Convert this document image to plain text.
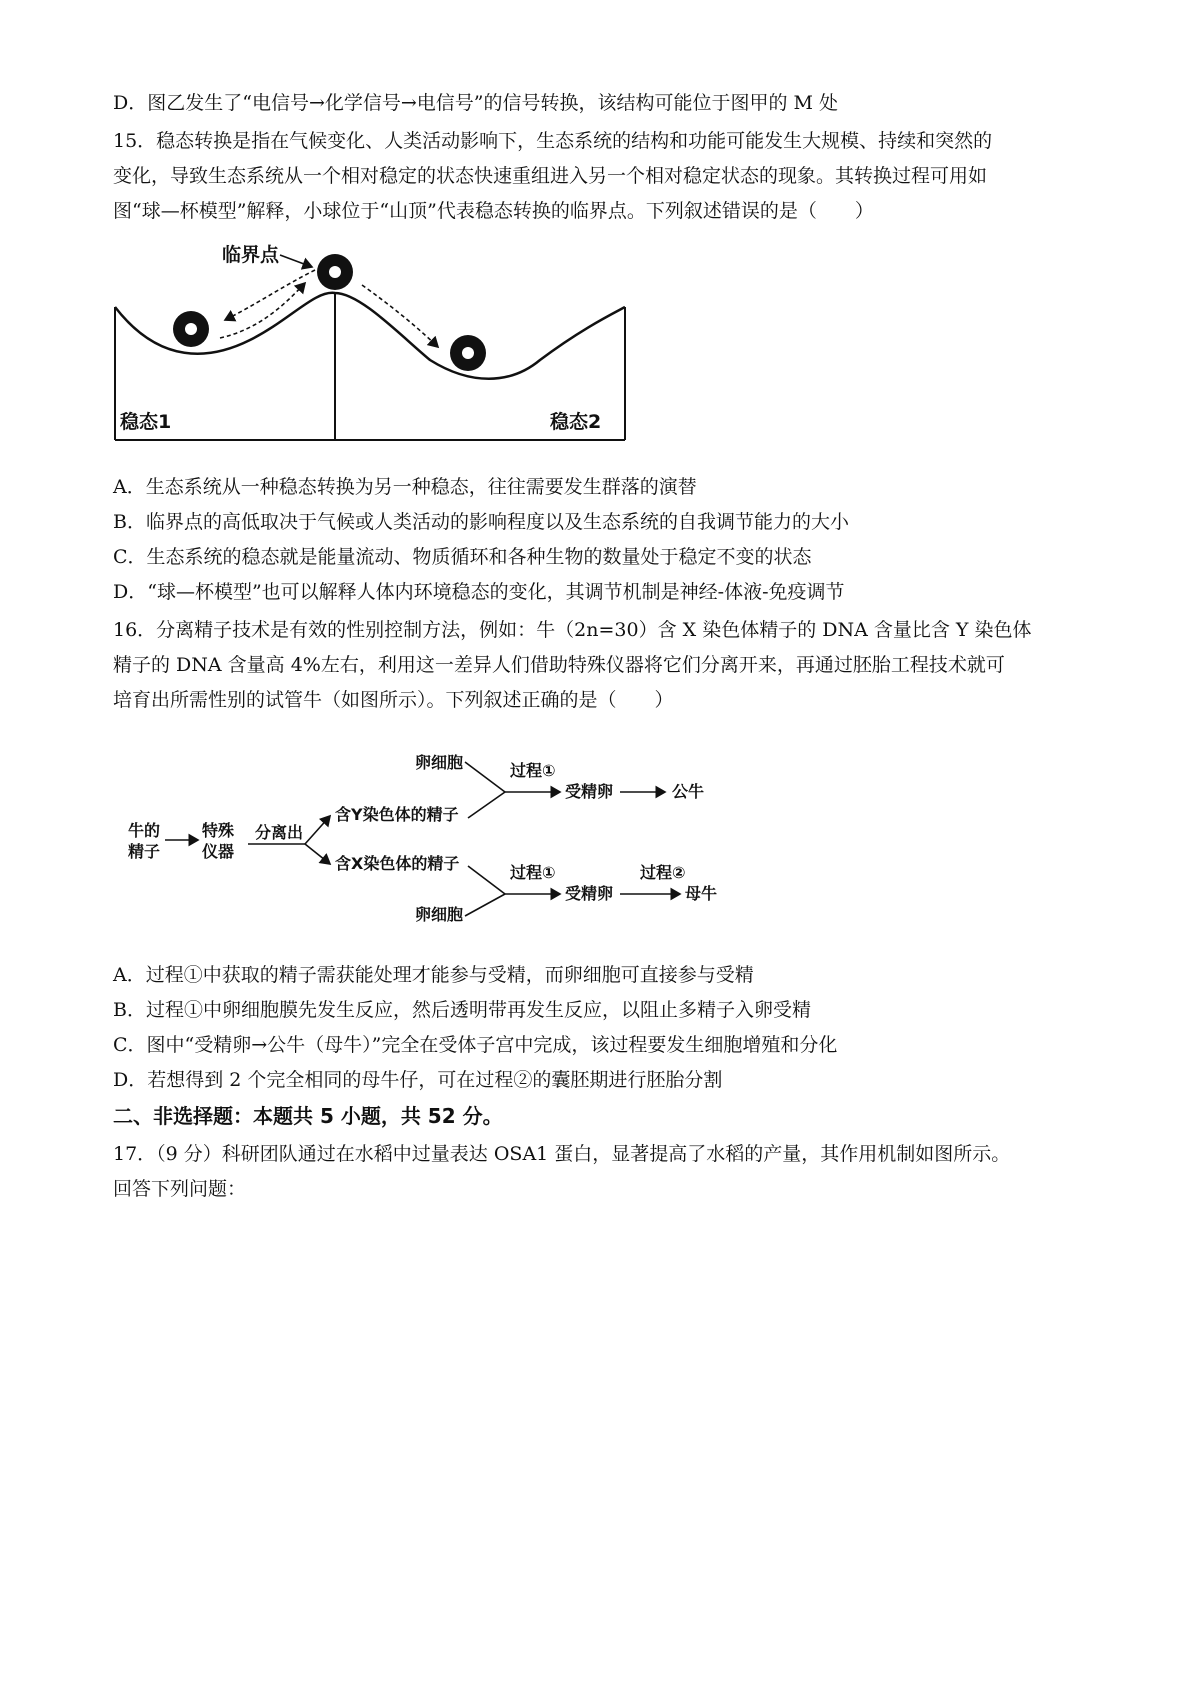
D．图乙发生了“电信号→化学信号→电信号”的信号转换，该结构可能位于图甲的 M 处
15．稳态转换是指在气候变化、人类活动影响下，生态系统的结构和功能可能发生大规模、持续和突然的
变化，导致生态系统从一个相对稳定的状态快速重组进入另一个相对稳定状态的现象。其转换过程可用如
图“球—杯模型”解释，小球位于“山顶”代表稳态转换的临界点。下列叙述错误的是（　　）
临界点
稳态1	稳态2
A．生态系统从一种稳态转换为另一种稳态，往往需要发生群落的演替
B．临界点的高低取决于气候或人类活动的影响程度以及生态系统的自我调节能力的大小
C．生态系统的稳态就是能量流动、物质循环和各种生物的数量处于稳定不变的状态
D．“球—杯模型”也可以解释人体内环境稳态的变化，其调节机制是神经-体液-免疫调节
16．分离精子技术是有效的性别控制方法，例如：牛（2n=30）含 X 染色体精子的 DNA 含量比含 Y 染色体
精子的 DNA 含量高 4%左右，利用这一差异人们借助特殊仪器将它们分离开来，再通过胚胎工程技术就可
培育出所需性别的试管牛（如图所示）。下列叙述正确的是（　　）
牛的
精子
特殊
仪器
分离出
含Y染色体的精子
含X染色体的精子
卵细胞
卵细胞
过程①
过程①
受精卵
受精卵
公牛
过程②
母牛
A．过程①中获取的精子需获能处理才能参与受精，而卵细胞可直接参与受精
B．过程①中卵细胞膜先发生反应，然后透明带再发生反应，以阻止多精子入卵受精
C．图中“受精卵→公牛（母牛）”完全在受体子宫中完成，该过程要发生细胞增殖和分化
D．若想得到 2 个完全相同的母牛仔，可在过程②的囊胚期进行胚胎分割
二、非选择题：本题共 5 小题，共 52 分。
17．（9 分）科研团队通过在水稻中过量表达 OSA1 蛋白，显著提高了水稻的产量，其作用机制如图所示。
回答下列问题：
